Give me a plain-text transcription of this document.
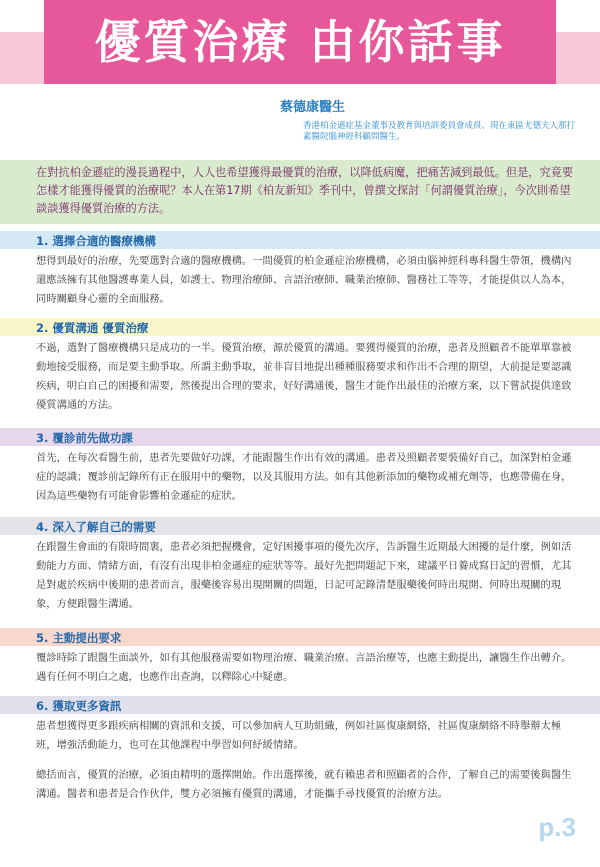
優質治療 由你話事
蔡德康醫生
香港柏金遜症基金董事及教育與培訓委員會成員、現在東區尤德夫人那打素醫院腦神經科顧問醫生。
在對抗柏金遜症的漫長過程中，人人也希望獲得最優質的治療，以降低病魔，把痛苦減到最低。但是，究竟要怎樣才能獲得優質的治療呢？本人在第17期《柏友新知》季刊中，曾撰文探討「何謂優質治療」，今次則希望談談獲得優質治療的方法。
1. 選擇合適的醫療機構
想得到最好的治療，先要選對合適的醫療機構。一間優質的柏金遜症治療機構，必須由腦神經科專科醫生帶領，機構內還應該擁有其他醫護專業人員，如護士、物理治療師、言語治療師、職業治療師、醫務社工等等，才能提供以人為本，同時關顧身心靈的全面服務。
2. 優質溝通 優質治療
不過，選對了醫療機構只是成功的一半。優質治療，源於優質的溝通。要獲得優質的治療，患者及照顧者不能單單靠被動地接受服務，而是要主動爭取。所謂主動爭取，並非盲目地提出種種服務要求和作出不合理的期望，大前提是要認識疾病，明白自己的困擾和需要，然後提出合理的要求，好好溝通後，醫生才能作出最佳的治療方案，以下嘗試提供達致優質溝通的方法。
3. 覆診前先做功課
首先，在每次看醫生前，患者先要做好功課，才能跟醫生作出有效的溝通。患者及照顧者要裝備好自己，加深對柏金遜症的認識；覆診前記錄所有正在服用中的藥物，以及其服用方法。如有其他新添加的藥物或補充劑等，也應帶備在身，因為這些藥物有可能會影響柏金遜症的症狀。
4. 深入了解自己的需要
在跟醫生會面的有限時間裏，患者必須把握機會，定好困擾事項的優先次序，告訴醫生近期最大困擾的是什麼，例如活動能力方面、情緒方面，有沒有出現非柏金遜症的症狀等等。最好先把問題記下來，建議平日養成寫日記的習慣，尤其是對處於疾病中後期的患者而言，服藥後容易出現開關的問題，日記可記錄清楚服藥後何時出現開、何時出現關的現象，方便跟醫生溝通。
5. 主動提出要求
覆診時除了跟醫生面談外，如有其他服務需要如物理治療、職業治療、言語治療等，也應主動提出，讓醫生作出轉介。遇有任何不明白之處，也應作出查詢，以釋除心中疑慮。
6. 獲取更多資訊
患者想獲得更多跟疾病相關的資訊和支援，可以參加病人互助組織，例如社區復康網絡，社區復康網絡不時舉辦太極班，增強活動能力，也可在其他課程中學習如何紓緩情緒。
總括而言，優質的治療，必須由精明的選擇開始。作出選擇後，就有賴患者和照顧者的合作，了解自己的需要後與醫生溝通。醫者和患者是合作伙伴，雙方必須擁有優質的溝通，才能攜手尋找優質的治療方法。
p.3
